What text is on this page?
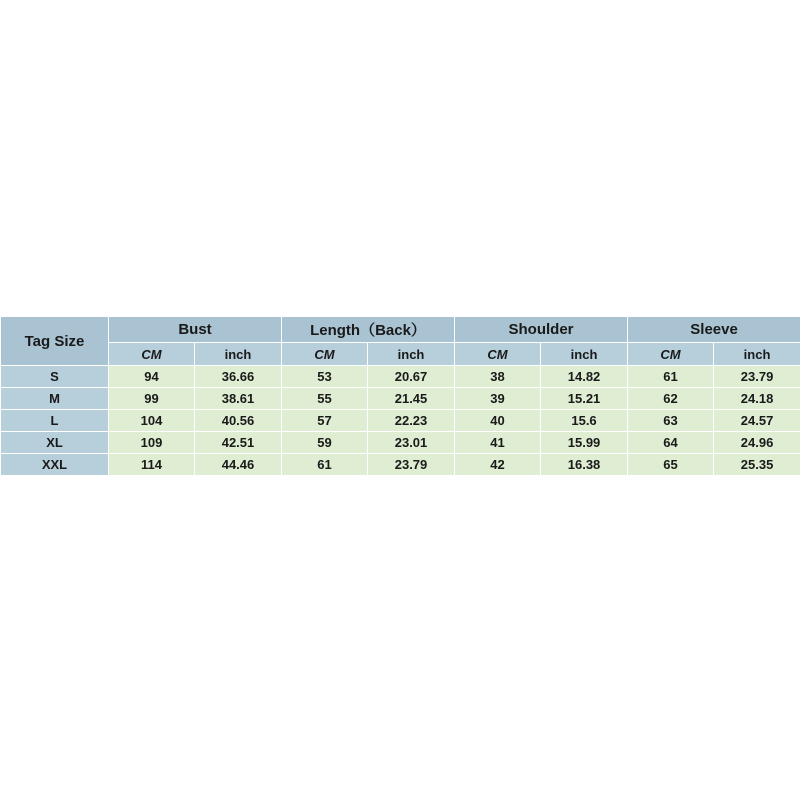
Tag Size	Bust		Length（Back）		Shoulder		Sleeve	
	CM	inch	CM	inch	CM	inch	CM	inch
S	94	36.66	53	20.67	38	14.82	61	23.79
M	99	38.61	55	21.45	39	15.21	62	24.18
L	104	40.56	57	22.23	40	15.6	63	24.57
XL	109	42.51	59	23.01	41	15.99	64	24.96
XXL	114	44.46	61	23.79	42	16.38	65	25.35
